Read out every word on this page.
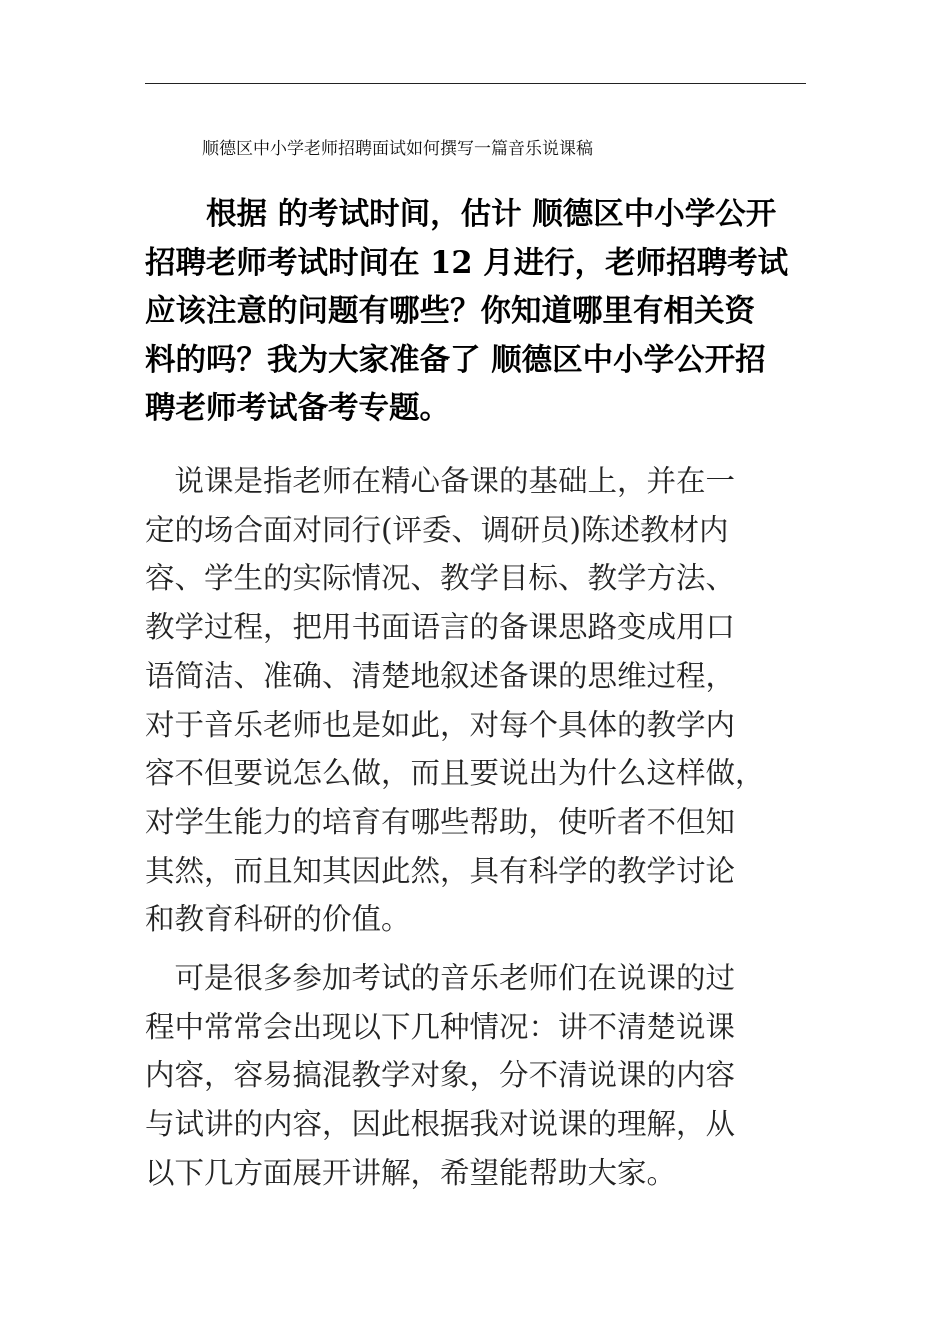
顺德区中小学老师招聘面试如何撰写一篇音乐说课稿
　　根据 的考试时间，估计 顺德区中小学公开
招聘老师考试时间在 12 月进行，老师招聘考试
应该注意的问题有哪些？你知道哪里有相关资
料的吗？我为大家准备了 顺德区中小学公开招
聘老师考试备考专题。
　说课是指老师在精心备课的基础上，并在一
定的场合面对同行(评委、调研员)陈述教材内
容、学生的实际情况、教学目标、教学方法、
教学过程，把用书面语言的备课思路变成用口
语简洁、准确、清楚地叙述备课的思维过程，
对于音乐老师也是如此，对每个具体的教学内
容不但要说怎么做，而且要说出为什么这样做，
对学生能力的培育有哪些帮助，使听者不但知
其然，而且知其因此然，具有科学的教学讨论
和教育科研的价值。
　可是很多参加考试的音乐老师们在说课的过
程中常常会出现以下几种情况：讲不清楚说课
内容，容易搞混教学对象，分不清说课的内容
与试讲的内容，因此根据我对说课的理解，从
以下几方面展开讲解，希望能帮助大家。
